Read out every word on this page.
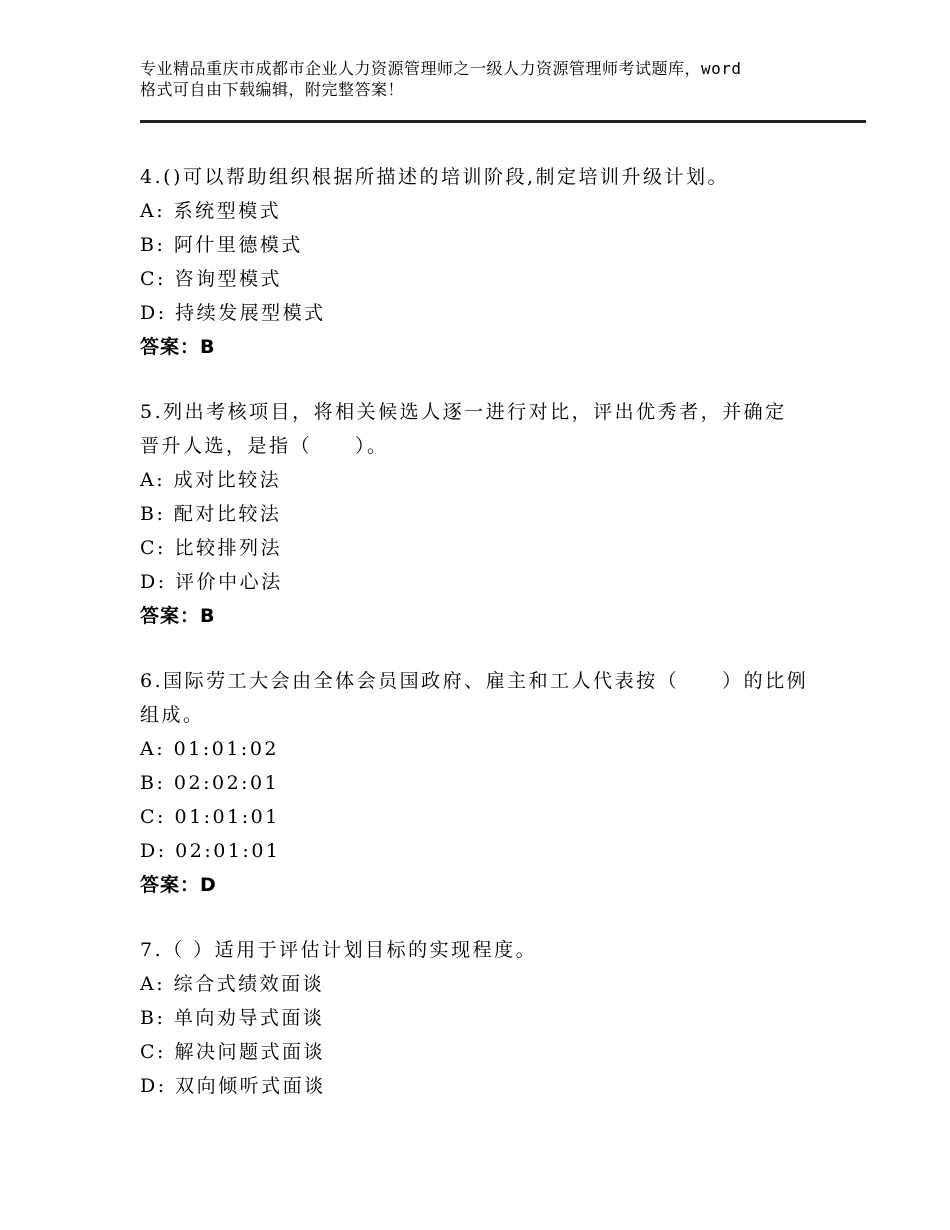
专业精品重庆市成都市企业人力资源管理师之一级人力资源管理师考试题库，word
格式可自由下载编辑，附完整答案！
4.()可以帮助组织根据所描述的培训阶段,制定培训升级计划。
A: 系统型模式
B: 阿什里德模式
C: 咨询型模式
D: 持续发展型模式
答案：B
5.列出考核项目，将相关候选人逐一进行对比，评出优秀者，并确定
晋升人选，是指（　　）。
A: 成对比较法
B: 配对比较法
C: 比较排列法
D: 评价中心法
答案：B
6.国际劳工大会由全体会员国政府、雇主和工人代表按（　　）的比例
组成。
A: 01:01:02
B: 02:02:01
C: 01:01:01
D: 02:01:01
答案：D
7.（ ）适用于评估计划目标的实现程度。
A: 综合式绩效面谈
B: 单向劝导式面谈
C: 解决问题式面谈
D: 双向倾听式面谈
